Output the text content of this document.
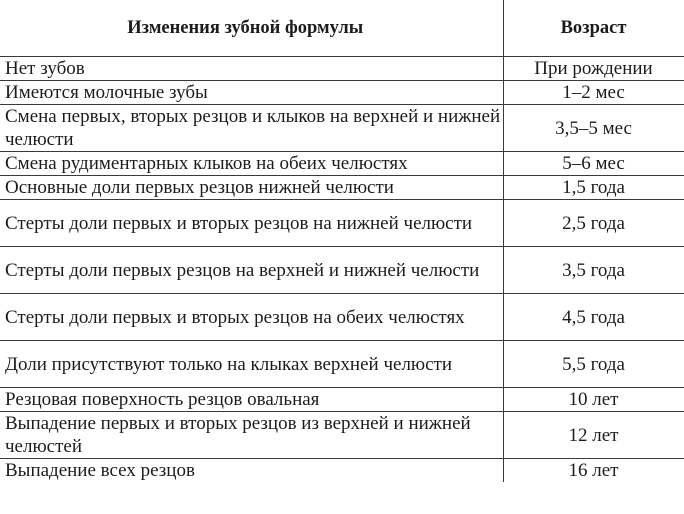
Изменения зубной формулы	Возраст
Нет зубов	При рождении
Имеются молочные зубы	1–2 мес
Смена первых, вторых резцов и клыков на верхней и нижней челюсти	3,5–5 мес
Смена рудиментарных клыков на обеих челюстях	5–6 мес
Основные доли первых резцов нижней челюсти	1,5 года
Стерты доли первых и вторых резцов на нижней челюсти	2,5 года
Стерты доли первых резцов на верхней и нижней челюсти	3,5 года
Стерты доли первых и вторых резцов на обеих челюстях	4,5 года
Доли присутствуют только на клыках верхней челюсти	5,5 года
Резцовая поверхность резцов овальная	10 лет
Выпадение первых и вторых резцов из верхней и нижней челюстей	12 лет
Выпадение всех резцов	16 лет
